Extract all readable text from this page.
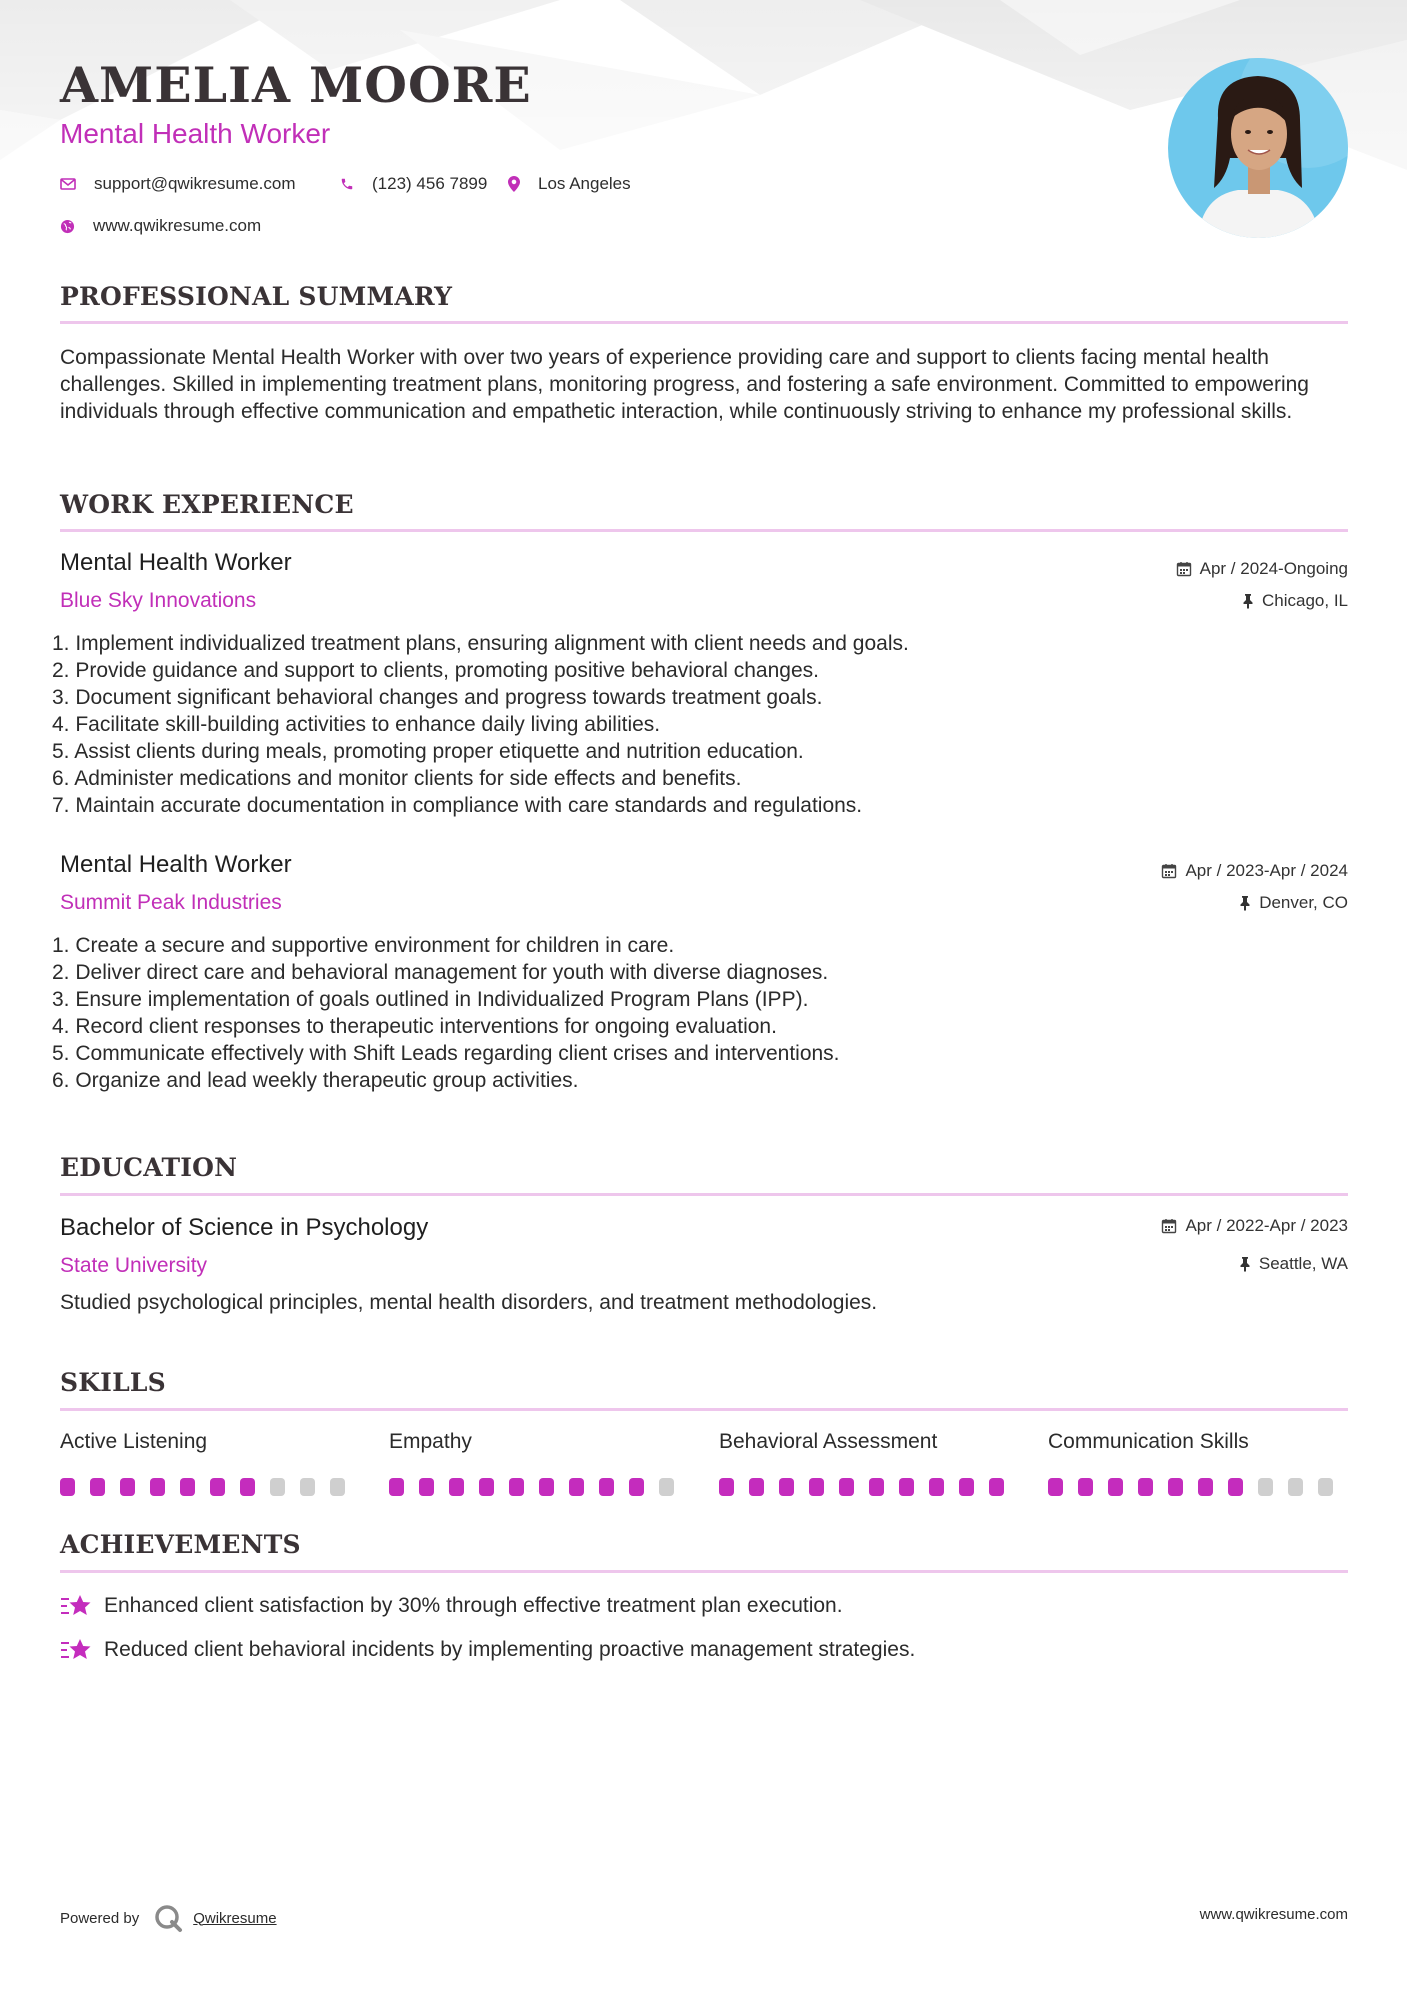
AMELIA MOORE
Mental Health Worker
support@qwikresume.com	(123) 456 7899	Los Angeles
www.qwikresume.com
PROFESSIONAL SUMMARY

Compassionate Mental Health Worker with over two years of experience providing care and support to clients facing mental health challenges. Skilled in implementing treatment plans, monitoring progress, and fostering a safe environment. Committed to empowering individuals through effective communication and empathetic interaction, while continuously striving to enhance my professional skills.

WORK EXPERIENCE
Mental Health Worker
Blue Sky Innovations
Apr / 2024-Ongoing
Chicago, IL
1. Implement individualized treatment plans, ensuring alignment with client needs and goals.
2. Provide guidance and support to clients, promoting positive behavioral changes.
3. Document significant behavioral changes and progress towards treatment goals.
4. Facilitate skill-building activities to enhance daily living abilities.
5. Assist clients during meals, promoting proper etiquette and nutrition education.
6. Administer medications and monitor clients for side effects and benefits.
7. Maintain accurate documentation in compliance with care standards and regulations.
Mental Health Worker
Summit Peak Industries
Apr / 2023-Apr / 2024
Denver, CO
1. Create a secure and supportive environment for children in care.
2. Deliver direct care and behavioral management for youth with diverse diagnoses.
3. Ensure implementation of goals outlined in Individualized Program Plans (IPP).
4. Record client responses to therapeutic interventions for ongoing evaluation.
5. Communicate effectively with Shift Leads regarding client crises and interventions.
6. Organize and lead weekly therapeutic group activities.
EDUCATION
Bachelor of Science in Psychology
State University
Apr / 2022-Apr / 2023
Seattle, WA

Studied psychological principles, mental health disorders, and treatment methodologies.

SKILLS
Active Listening	Empathy	Behavioral Assessment	Communication Skills
ACHIEVEMENTS
Enhanced client satisfaction by 30% through effective treatment plan execution.
Reduced client behavioral incidents by implementing proactive management strategies.
Powered by	Qwikresume	www.qwikresume.com
